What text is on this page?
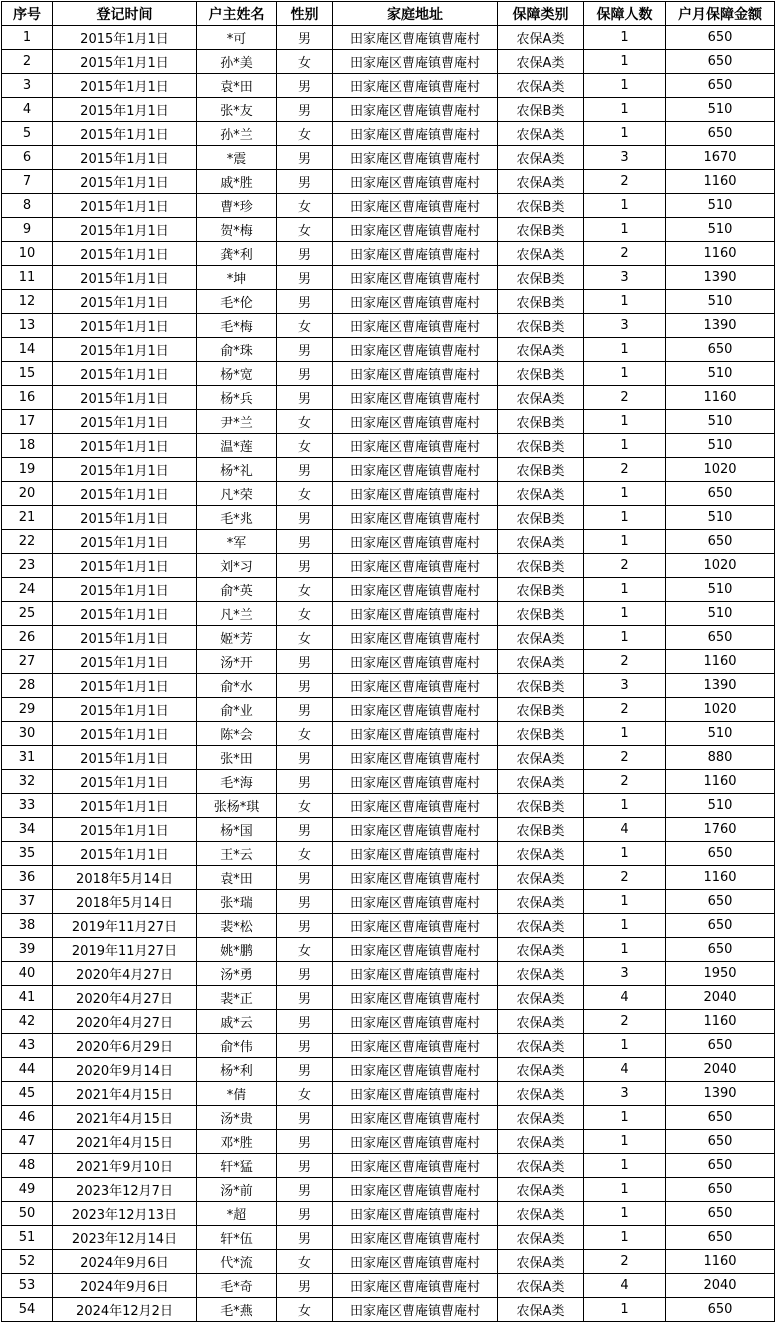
序号	登记时间	户主姓名	性别	家庭地址	保障类别	保障人数	户月保障金额
1	2015年1月1日	*可	男	田家庵区曹庵镇曹庵村	农保A类	1	650
2	2015年1月1日	孙*美	女	田家庵区曹庵镇曹庵村	农保A类	1	650
3	2015年1月1日	袁*田	男	田家庵区曹庵镇曹庵村	农保A类	1	650
4	2015年1月1日	张*友	男	田家庵区曹庵镇曹庵村	农保B类	1	510
5	2015年1月1日	孙*兰	女	田家庵区曹庵镇曹庵村	农保A类	1	650
6	2015年1月1日	*震	男	田家庵区曹庵镇曹庵村	农保A类	3	1670
7	2015年1月1日	戚*胜	男	田家庵区曹庵镇曹庵村	农保A类	2	1160
8	2015年1月1日	曹*珍	女	田家庵区曹庵镇曹庵村	农保B类	1	510
9	2015年1月1日	贺*梅	女	田家庵区曹庵镇曹庵村	农保B类	1	510
10	2015年1月1日	龚*利	男	田家庵区曹庵镇曹庵村	农保A类	2	1160
11	2015年1月1日	*坤	男	田家庵区曹庵镇曹庵村	农保B类	3	1390
12	2015年1月1日	毛*伦	男	田家庵区曹庵镇曹庵村	农保B类	1	510
13	2015年1月1日	毛*梅	女	田家庵区曹庵镇曹庵村	农保B类	3	1390
14	2015年1月1日	俞*珠	男	田家庵区曹庵镇曹庵村	农保A类	1	650
15	2015年1月1日	杨*宽	男	田家庵区曹庵镇曹庵村	农保B类	1	510
16	2015年1月1日	杨*兵	男	田家庵区曹庵镇曹庵村	农保A类	2	1160
17	2015年1月1日	尹*兰	女	田家庵区曹庵镇曹庵村	农保B类	1	510
18	2015年1月1日	温*莲	女	田家庵区曹庵镇曹庵村	农保B类	1	510
19	2015年1月1日	杨*礼	男	田家庵区曹庵镇曹庵村	农保B类	2	1020
20	2015年1月1日	凡*荣	女	田家庵区曹庵镇曹庵村	农保A类	1	650
21	2015年1月1日	毛*兆	男	田家庵区曹庵镇曹庵村	农保B类	1	510
22	2015年1月1日	*军	男	田家庵区曹庵镇曹庵村	农保A类	1	650
23	2015年1月1日	刘*习	男	田家庵区曹庵镇曹庵村	农保B类	2	1020
24	2015年1月1日	俞*英	女	田家庵区曹庵镇曹庵村	农保B类	1	510
25	2015年1月1日	凡*兰	女	田家庵区曹庵镇曹庵村	农保B类	1	510
26	2015年1月1日	姬*芳	女	田家庵区曹庵镇曹庵村	农保A类	1	650
27	2015年1月1日	汤*开	男	田家庵区曹庵镇曹庵村	农保A类	2	1160
28	2015年1月1日	俞*水	男	田家庵区曹庵镇曹庵村	农保B类	3	1390
29	2015年1月1日	俞*业	男	田家庵区曹庵镇曹庵村	农保B类	2	1020
30	2015年1月1日	陈*会	女	田家庵区曹庵镇曹庵村	农保B类	1	510
31	2015年1月1日	张*田	男	田家庵区曹庵镇曹庵村	农保A类	2	880
32	2015年1月1日	毛*海	男	田家庵区曹庵镇曹庵村	农保A类	2	1160
33	2015年1月1日	张杨*琪	女	田家庵区曹庵镇曹庵村	农保B类	1	510
34	2015年1月1日	杨*国	男	田家庵区曹庵镇曹庵村	农保B类	4	1760
35	2015年1月1日	王*云	女	田家庵区曹庵镇曹庵村	农保A类	1	650
36	2018年5月14日	袁*田	男	田家庵区曹庵镇曹庵村	农保A类	2	1160
37	2018年5月14日	张*瑞	男	田家庵区曹庵镇曹庵村	农保A类	1	650
38	2019年11月27日	裴*松	男	田家庵区曹庵镇曹庵村	农保A类	1	650
39	2019年11月27日	姚*鹏	女	田家庵区曹庵镇曹庵村	农保A类	1	650
40	2020年4月27日	汤*勇	男	田家庵区曹庵镇曹庵村	农保A类	3	1950
41	2020年4月27日	裴*正	男	田家庵区曹庵镇曹庵村	农保A类	4	2040
42	2020年4月27日	戚*云	男	田家庵区曹庵镇曹庵村	农保A类	2	1160
43	2020年6月29日	俞*伟	男	田家庵区曹庵镇曹庵村	农保A类	1	650
44	2020年9月14日	杨*利	男	田家庵区曹庵镇曹庵村	农保A类	4	2040
45	2021年4月15日	*倩	女	田家庵区曹庵镇曹庵村	农保A类	3	1390
46	2021年4月15日	汤*贵	男	田家庵区曹庵镇曹庵村	农保A类	1	650
47	2021年4月15日	邓*胜	男	田家庵区曹庵镇曹庵村	农保A类	1	650
48	2021年9月10日	轩*猛	男	田家庵区曹庵镇曹庵村	农保A类	1	650
49	2023年12月7日	汤*前	男	田家庵区曹庵镇曹庵村	农保A类	1	650
50	2023年12月13日	*超	男	田家庵区曹庵镇曹庵村	农保A类	1	650
51	2023年12月14日	轩*伍	男	田家庵区曹庵镇曹庵村	农保A类	1	650
52	2024年9月6日	代*流	女	田家庵区曹庵镇曹庵村	农保A类	2	1160
53	2024年9月6日	毛*奇	男	田家庵区曹庵镇曹庵村	农保A类	4	2040
54	2024年12月2日	毛*燕	女	田家庵区曹庵镇曹庵村	农保A类	1	650
